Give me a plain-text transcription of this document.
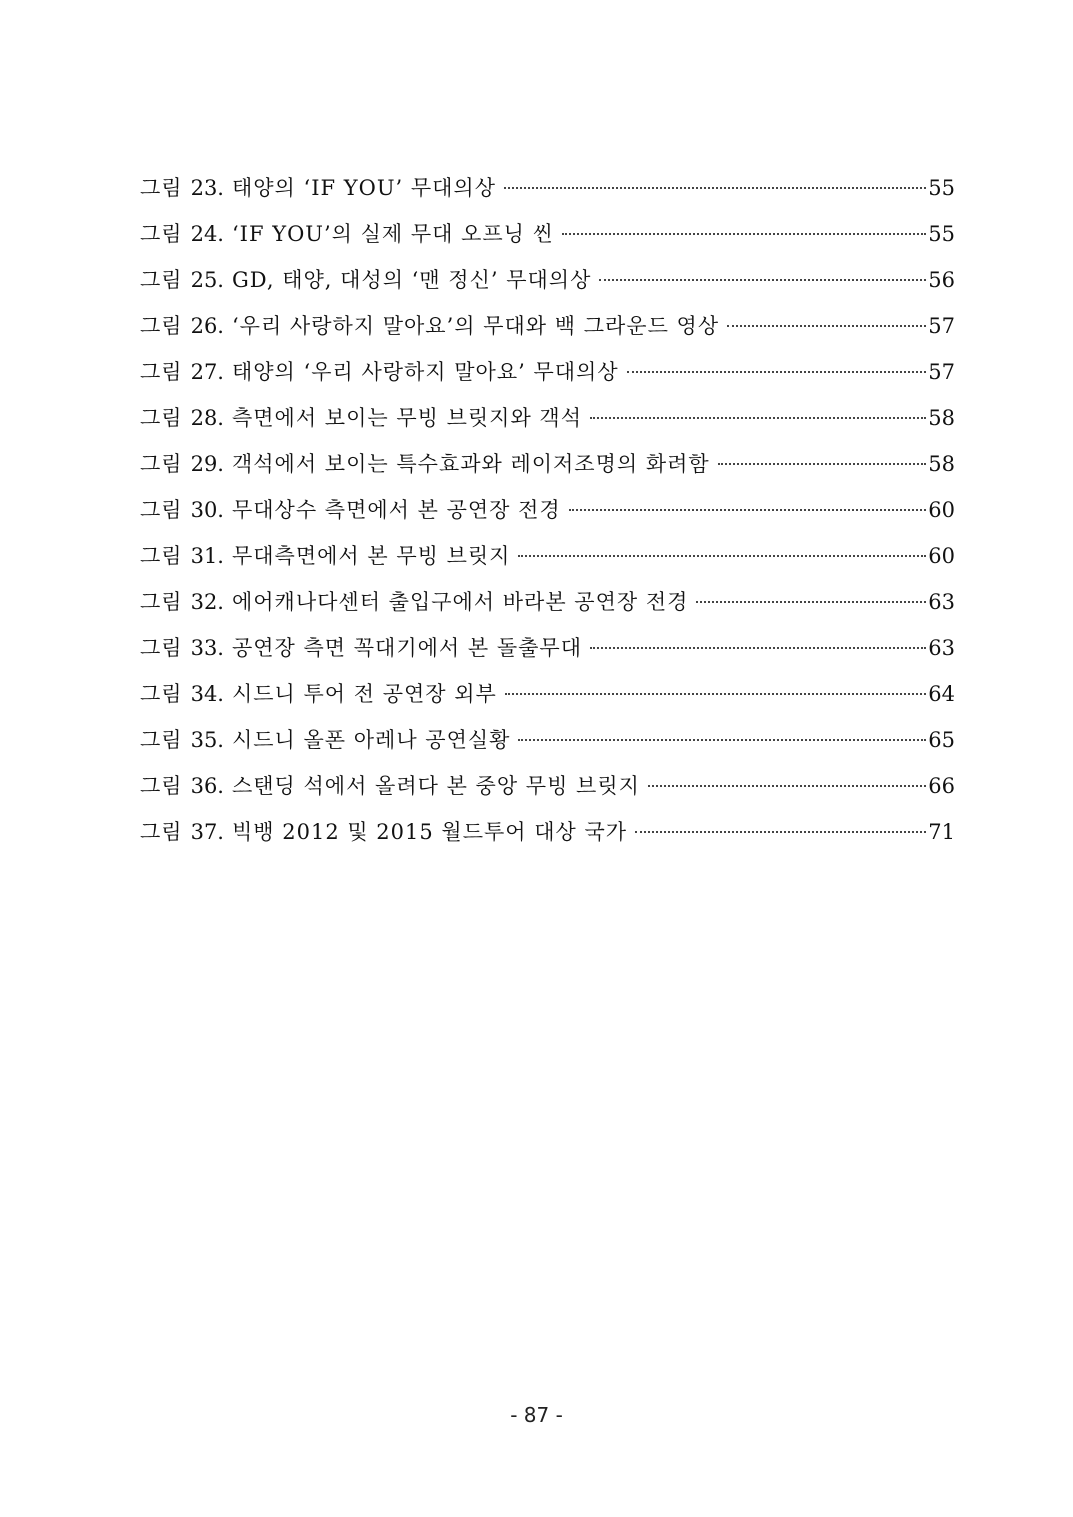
그림 23. 태양의 ‘IF YOU’ 무대의상	55
그림 24. ‘IF YOU’의 실제 무대 오프닝 씬	55
그림 25. GD, 태양, 대성의 ‘맨 정신’ 무대의상	56
그림 26. ‘우리 사랑하지 말아요’의 무대와 백 그라운드 영상	57
그림 27. 태양의 ‘우리 사랑하지 말아요’ 무대의상	57
그림 28. 측면에서 보이는 무빙 브릿지와 객석	58
그림 29. 객석에서 보이는 특수효과와 레이저조명의 화려함	58
그림 30. 무대상수 측면에서 본 공연장 전경	60
그림 31. 무대측면에서 본 무빙 브릿지	60
그림 32. 에어캐나다센터 출입구에서 바라본 공연장 전경	63
그림 33. 공연장 측면 꼭대기에서 본 돌출무대	63
그림 34. 시드니 투어 전 공연장 외부	64
그림 35. 시드니 올폰 아레나 공연실황	65
그림 36. 스탠딩 석에서 올려다 본 중앙 무빙 브릿지	66
그림 37. 빅뱅 2012 및 2015 월드투어 대상 국가	71
- 87 -
